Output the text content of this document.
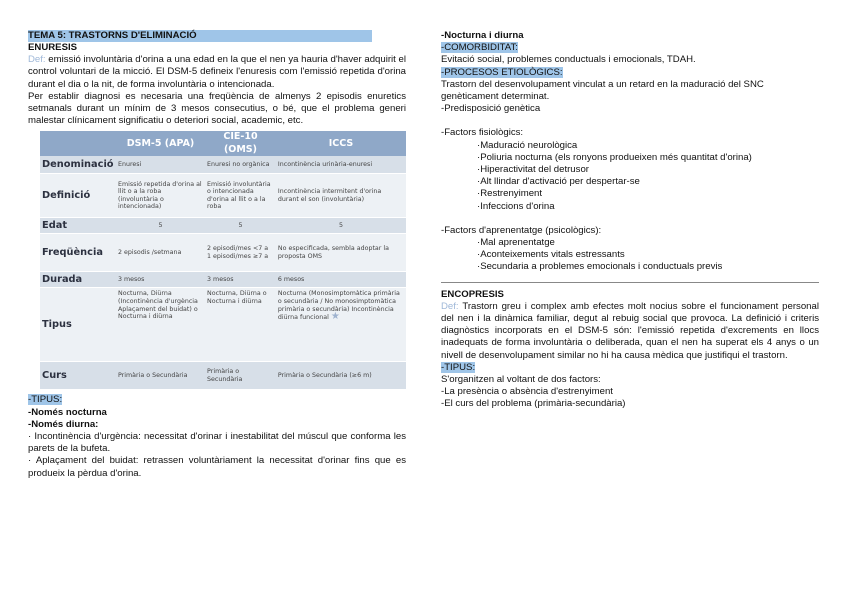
TEMA 5: TRASTORNS D'ELIMINACIÓ

ENURESIS

Def: emissió involuntària d'orina a una edad en la que el nen ya hauria d'haver adquirit el control voluntari de la micció. El DSM-5 defineix l'enuresis com l'emissió repetida d'orina durant el dia o la nit, de forma involuntària o intencionada.

Per establir diagnosi es necesaria una freqüència de almenys 2 episodis enuretics setmanals durant un mínim de 3 mesos consecutius, o bé, que el problema generi malestar clínicament significatiu o deteriori social, academic, etc.

	DSM-5 (APA)	CIE-10 (OMS)	ICCS
Denominació	Enuresi	Enuresi no orgànica	Incontinència urinària-enuresi
Definició	Emissió repetida d'orina al llit o a la roba (involuntària o intencionada)	Emissió involuntària o intencionada d'orina al llit o a la roba	Incontinència intermitent d'orina durant el son (involuntària)
Edat	5	5	5
Freqüència	2 episodis /setmana	2 episodi/mes <7 a 1 episodi/mes ≥7 a	No especificada, sembla adoptar la proposta OMS
Durada	3 mesos	3 mesos	6 mesos
Tipus	Nocturna, Diürna (Incontinència d'urgència Aplaçament del buidat) o Nocturna i diürna	Nocturna, Diürna o Nocturna i diürna	Nocturna (Monosimptomàtica primària o secundària / No monosimptomàtica primària o secundària) Incontinència diürna funcional ★
Curs	Primària o Secundària	Primària o Secundària	Primària o Secundària (≥6 m)

-TIPUS:

-Només nocturna

-Només diurna:

· Incontinència d'urgència: necessitat d'orinar i inestabilitat del múscul que conforma les parets de la bufeta.

· Aplaçament del buidat: retrassen voluntàriament la necessitat d'orinar fins que es produeix la pèrdua d'orina.

-Nocturna i diurna

-COMORBIDITAT:

Evitació social, problemes conductuals i emocionals, TDAH.

-PROCESOS ETIOLÒGICS:

Trastorn del desenvolupament vinculat a un retard en la maduració del SNC genèticament determinat.

-Predisposició genètica

-Factors fisiològics:

·Maduració neurològica

·Poliuria nocturna (els ronyons produeixen més quantitat d'orina)

·Hiperactivitat del detrusor

·Alt llindar d'activació per despertar-se

·Restrenyiment

·Infeccions d'orina

-Factors d'aprenentatge (psicològics):

·Mal aprenentatge

·Aconteixements vitals estressants

·Secundaria a problemes emocionals i conductuals previs

ENCOPRESIS

Def: Trastorn greu i complex amb efectes molt nocius sobre el funcionament personal del nen i la dinàmica familiar, degut al rebuig social que provoca. La definició i criteris diagnòstics incorporats en el DSM-5 són: l'emissió repetida d'excrements en llocs inadequats de forma involuntària o deliberada, quan el nen ha superat els 4 anys o un nivell de desenvolupament similar no hi ha causa mèdica que justifiqui el trastorn.

-TIPUS:

S'organitzen al voltant de dos factors:

-La presència o absència d'estrenyiment

-El curs del problema (primària-secundària)
